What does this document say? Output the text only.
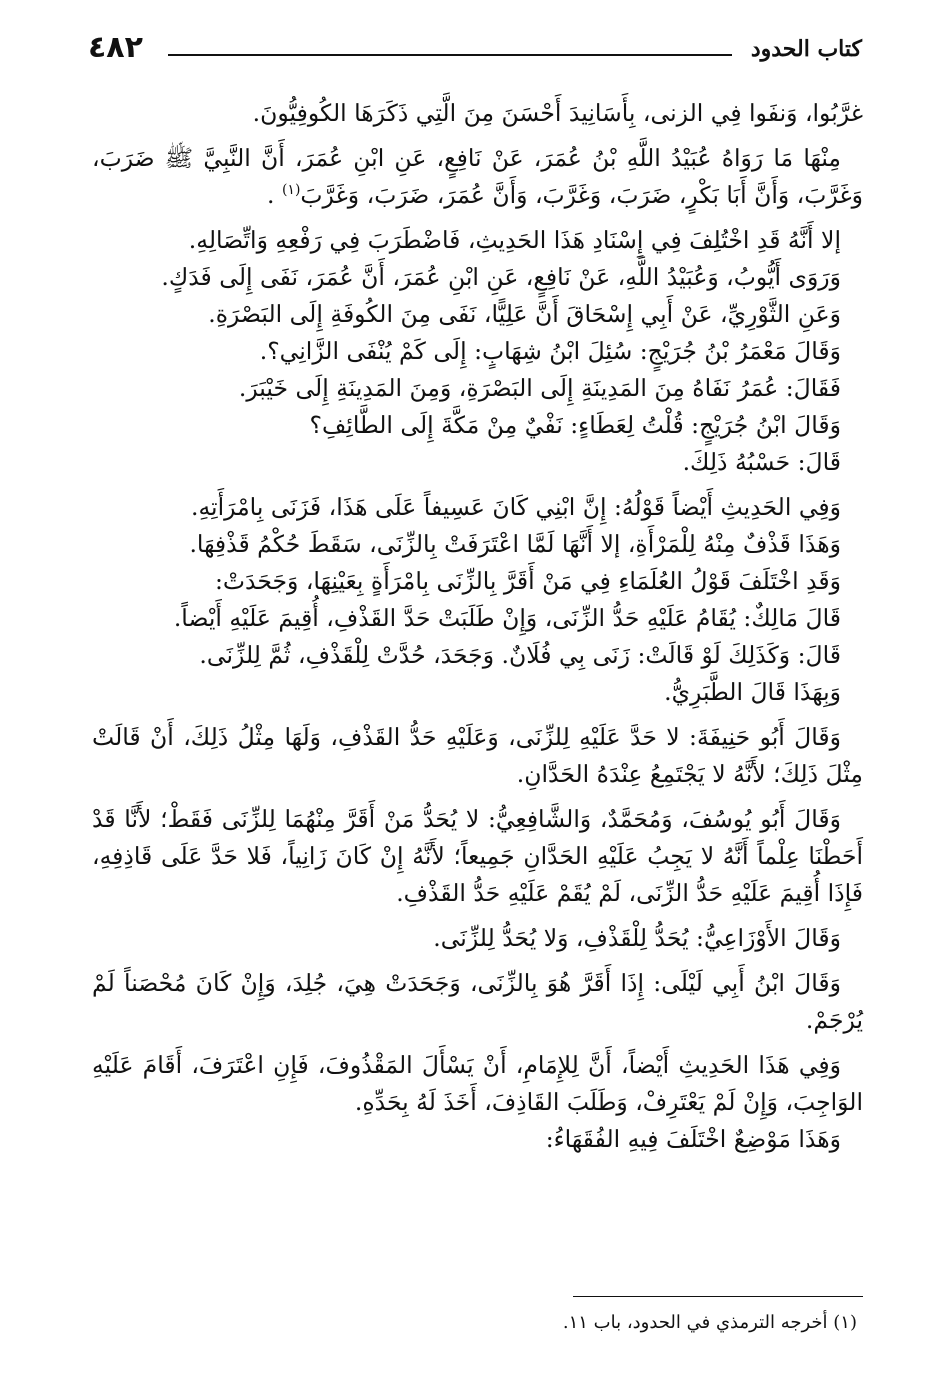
كتاب الحدود
٤٨٢

غرَّبُوا، وَنفَوا فِي الزنى، بِأَسَانِيدَ أَحْسَنَ مِنَ الَّتِي ذَكَرَهَا الكُوفِيُّونَ.

مِنْهَا مَا رَوَاهُ عُبَيْدُ اللَّهِ بْنُ عُمَرَ، عَنْ نَافِعٍ، عَنِ ابْنِ عُمَرَ، أَنَّ النَّبِيَّ ﷺ ضَرَبَ، وَغَرَّبَ، وَأَنَّ أَبَا بَكْرٍ، ضَرَبَ، وَغَرَّبَ، وَأَنَّ عُمَرَ، ضَرَبَ، وَغَرَّبَ$^{(١)}$ .

إلا أَنَّهُ قَدِ اخْتُلِفَ فِي إِسْنَادِ هَذَا الحَدِيثِ، فَاضْطَرَبَ فِي رَفْعِهِ وَاتِّصَالِهِ.

وَرَوَى أَيُّوبُ، وَعُبَيْدُ اللَّهِ، عَنْ نَافِعٍ، عَنِ ابْنِ عُمَرَ، أَنَّ عُمَرَ، نَفَى إِلَى فَدَكٍ.

وَعَنِ الثَّوْرِيِّ، عَنْ أَبِي إِسْحَاقَ أَنَّ عَلِيًّا، نَفَى مِنَ الكُوفَةِ إِلَى البَصْرَةِ.

وَقَالَ مَعْمَرُ بْنُ جُرَيْجٍ: سُئِلَ ابْنُ شِهَابٍ: إِلَى كَمْ يُنْفَى الزَّانِي؟.

فَقَالَ: عُمَرُ نَفَاهُ مِنَ المَدِينَةِ إِلَى البَصْرَةِ، وَمِنَ المَدِينَةِ إِلَى خَيْبَرَ.

وَقَالَ ابْنُ جُرَيْجٍ: قُلْتُ لِعَطَاءٍ: نَفْيٌ مِنْ مَكَّةَ إِلَى الطَّائِفِ؟

قَالَ: حَسْبُهُ ذَلِكَ.

وَفِي الحَدِيثِ أَيْضاً قَوْلُهُ: إِنَّ ابْنِي كَانَ عَسِيفاً عَلَى هَذَا، فَزَنَى بِامْرَأَتِهِ.

وَهَذَا قَذْفٌ مِنْهُ لِلْمَرْأَةِ، إلا أَنَّهَا لَمَّا اعْتَرَفَتْ بِالزِّنَى، سَقَطَ حُكْمُ قَذْفِهَا.

وَقَدِ اخْتَلَفَ قَوْلُ العُلَمَاءِ فِي مَنْ أَقَرَّ بِالزِّنَى بِامْرَأَةٍ بِعَيْنِهَا، وَجَحَدَتْ:

قَالَ مَالِكٌ: يُقَامُ عَلَيْهِ حَدُّ الزِّنَى، وَإِنْ طَلَبَتْ حَدَّ القَذْفِ، أُقِيمَ عَلَيْهِ أَيْضاً.

قَالَ: وَكَذَلِكَ لَوْ قَالَتْ: زَنَى بِي فُلَانٌ. وَجَحَدَ، حُدَّتْ لِلْقَذْفِ، ثُمَّ لِلزِّنَى.

وَبِهَذَا قَالَ الطَّبَرِيُّ.

وَقَالَ أَبُو حَنِيفَةَ: لا حَدَّ عَلَيْهِ لِلزِّنَى، وَعَلَيْهِ حَدُّ القَذْفِ، وَلَهَا مِثْلُ ذَلِكَ، أَنْ قَالَتْ مِثْلَ ذَلِكَ؛ لأَنَّهُ لا يَجْتَمِعُ عِنْدَهُ الحَدَّانِ.

وَقَالَ أَبُو يُوسُفَ، وَمُحَمَّدٌ، وَالشَّافِعِيُّ: لا يُحَدُّ مَنْ أَقَرَّ مِنْهُمَا لِلزِّنَى فَقَطْ؛ لأَنَّا قَدْ أَحَطْنَا عِلْماً أَنَّهُ لا يَجِبُ عَلَيْهِ الحَدَّانِ جَمِيعاً؛ لأَنَّهُ إِنْ كَانَ زَانِياً، فَلا حَدَّ عَلَى قَاذِفِهِ، فَإِذَا أُقِيمَ عَلَيْهِ حَدُّ الزِّنَى، لَمْ يُقَمْ عَلَيْهِ حَدُّ القَذْفِ.

وَقَالَ الأَوْزَاعِيُّ: يُحَدُّ لِلْقَذْفِ، وَلا يُحَدُّ لِلزِّنَى.

وَقَالَ ابْنُ أَبِي لَيْلَى: إِذَا أَقَرَّ هُوَ بِالزِّنَى، وَجَحَدَتْ هِيَ، جُلِدَ، وَإِنْ كَانَ مُحْصَناً لَمْ يُرْجَمْ.

وَفِي هَذَا الحَدِيثِ أَيْضاً، أَنَّ لِلإِمَامِ، أَنْ يَسْأَلَ المَقْذُوفَ، فَإِنِ اعْتَرَفَ، أَقَامَ عَلَيْهِ الوَاجِبَ، وَإِنْ لَمْ يَعْتَرِفْ، وَطَلَبَ القَاذِفَ، أَخَذَ لَهُ بِحَدِّهِ.

وَهَذَا مَوْضِعٌ اخْتَلَفَ فِيهِ الفُقَهَاءُ:

(١) أخرجه الترمذي في الحدود، باب ١١.
